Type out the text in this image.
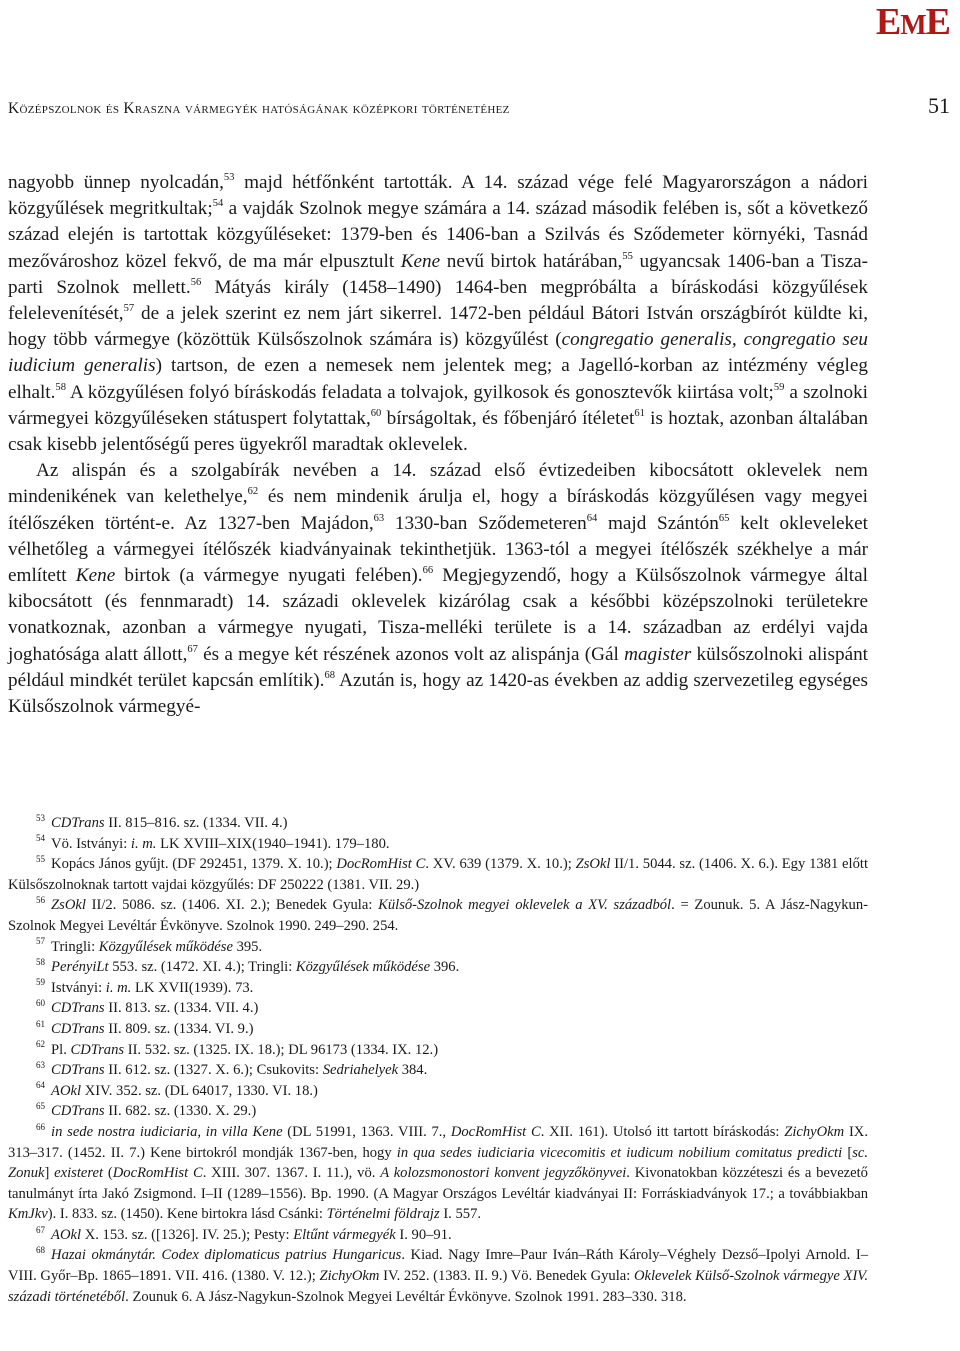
EME
Középszolnok és Kraszna vármegyék hatóságának középkori történetéhez	51

nagyobb ünnep nyolcadán,$^{53}$ majd hétfőnként tartották. A 14. század vége felé Magyarországon a nádori közgyűlések megritkultak;$^{54}$ a vajdák Szolnok megye számára a 14. század második felében is, sőt a következő század elején is tartottak közgyűléseket: 1379-ben és 1406-ban a Szilvás és Sződemeter környéki, Tasnád mezővároshoz közel fekvő, de ma már elpusztult Kene nevű birtok határában,$^{55}$ ugyancsak 1406-ban a Tisza-parti Szolnok mellett.$^{56}$ Mátyás király (1458–1490) 1464-ben megpróbálta a bíráskodási közgyűlések felelevenítését,$^{57}$ de a jelek szerint ez nem járt sikerrel. 1472-ben például Bátori István országbírót küldte ki, hogy több vármegye (közöttük Külsőszolnok számára is) közgyűlést (congregatio generalis, congregatio seu iudicium generalis) tartson, de ezen a nemesek nem jelentek meg; a Jagelló-korban az intézmény végleg elhalt.$^{58}$ A közgyűlésen folyó bíráskodás feladata a tolvajok, gyilkosok és gonosztevők kiirtása volt;$^{59}$ a szolnoki vármegyei közgyűléseken státuspert folytattak,$^{60}$ bírságoltak, és főbenjáró ítéletet$^{61}$ is hoztak, azonban általában csak kisebb jelentőségű peres ügyekről maradtak oklevelek.

Az alispán és a szolgabírák nevében a 14. század első évtizedeiben kibocsátott oklevelek nem mindenikének van kelethelye,$^{62}$ és nem mindenik árulja el, hogy a bíráskodás közgyűlésen vagy megyei ítélőszéken történt-e. Az 1327-ben Majádon,$^{63}$ 1330-ban Sződemeteren$^{64}$ majd Szántón$^{65}$ kelt okleveleket vélhetőleg a vármegyei ítélőszék kiadványainak tekinthetjük. 1363-tól a megyei ítélőszék székhelye a már említett Kene birtok (a vármegye nyugati felében).$^{66}$ Megjegyzendő, hogy a Külsőszolnok vármegye által kibocsátott (és fennmaradt) 14. századi oklevelek kizárólag csak a későbbi középszolnoki területekre vonatkoznak, azonban a vármegye nyugati, Tisza-melléki területe is a 14. században az erdélyi vajda joghatósága alatt állott,$^{67}$ és a megye két részének azonos volt az alispánja (Gál magister külsőszolnoki alispánt például mindkét terület kapcsán említik).$^{68}$ Azután is, hogy az 1420-as években az addig szervezetileg egységes Külsőszolnok vármegyé-

$^{53}$ CDTrans II. 815–816. sz. (1334. VII. 4.)

$^{54}$ Vö. Istványi: i. m. LK XVIII–XIX(1940–1941). 179–180.

$^{55}$ Kopács János gyűjt. (DF 292451, 1379. X. 10.); DocRomHist C. XV. 639 (1379. X. 10.); ZsOkl II/1. 5044. sz. (1406. X. 6.). Egy 1381 előtt Külsőszolnoknak tartott vajdai közgyűlés: DF 250222 (1381. VII. 29.)

$^{56}$ ZsOkl II/2. 5086. sz. (1406. XI. 2.); Benedek Gyula: Külső-Szolnok megyei oklevelek a XV. századból. = Zounuk. 5. A Jász-Nagykun-Szolnok Megyei Levéltár Évkönyve. Szolnok 1990. 249–290. 254.

$^{57}$ Tringli: Közgyűlések működése 395.

$^{58}$ PerényiLt 553. sz. (1472. XI. 4.); Tringli: Közgyűlések működése 396.

$^{59}$ Istványi: i. m. LK XVII(1939). 73.

$^{60}$ CDTrans II. 813. sz. (1334. VII. 4.)

$^{61}$ CDTrans II. 809. sz. (1334. VI. 9.)

$^{62}$ Pl. CDTrans II. 532. sz. (1325. IX. 18.); DL 96173 (1334. IX. 12.)

$^{63}$ CDTrans II. 612. sz. (1327. X. 6.); Csukovits: Sedriahelyek 384.

$^{64}$ AOkl XIV. 352. sz. (DL 64017, 1330. VI. 18.)

$^{65}$ CDTrans II. 682. sz. (1330. X. 29.)

$^{66}$ in sede nostra iudiciaria, in villa Kene (DL 51991, 1363. VIII. 7., DocRomHist C. XII. 161). Utolsó itt tartott bíráskodás: ZichyOkm IX. 313–317. (1452. II. 7.) Kene birtokról mondják 1367-ben, hogy in qua sedes iudiciaria vicecomitis et iudicum nobilium comitatus predicti [sc. Zonuk] existeret (DocRomHist C. XIII. 307. 1367. I. 11.), vö. A kolozsmonostori konvent jegyzőkönyvei. Kivonatokban közzéteszi és a bevezető tanulmányt írta Jakó Zsigmond. I–II (1289–1556). Bp. 1990. (A Magyar Országos Levéltár kiadványai II: Forráskiadványok 17.; a továbbiakban KmJkv). I. 833. sz. (1450). Kene birtokra lásd Csánki: Történelmi földrajz I. 557.

$^{67}$ AOkl X. 153. sz. ([1326]. IV. 25.); Pesty: Eltűnt vármegyék I. 90–91.

$^{68}$ Hazai okmánytár. Codex diplomaticus patrius Hungaricus. Kiad. Nagy Imre–Paur Iván–Ráth Károly–Véghely Dezső–Ipolyi Arnold. I–VIII. Győr–Bp. 1865–1891. VII. 416. (1380. V. 12.); ZichyOkm IV. 252. (1383. II. 9.) Vö. Benedek Gyula: Oklevelek Külső-Szolnok vármegye XIV. századi történetéből. Zounuk 6. A Jász-Nagykun-Szolnok Megyei Levéltár Évkönyve. Szolnok 1991. 283–330. 318.
